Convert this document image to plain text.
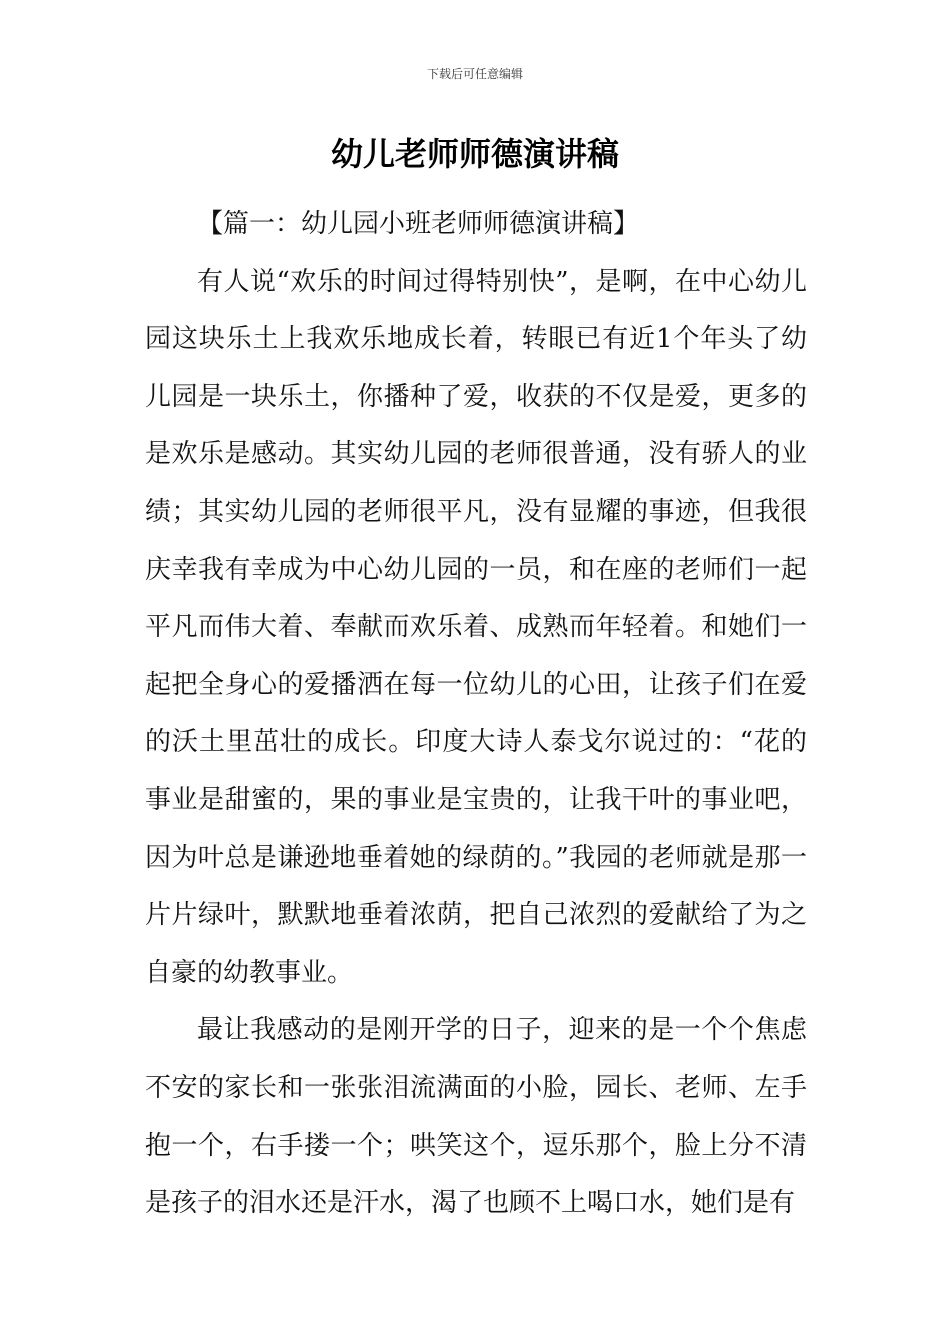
下载后可任意编辑
幼儿老师师德演讲稿

【篇一：幼儿园小班老师师德演讲稿】

有人说“欢乐的时间过得特别快”，是啊，在中心幼儿园这块乐土上我欢乐地成长着，转眼已有近1个年头了幼儿园是一块乐土，你播种了爱，收获的不仅是爱，更多的是欢乐是感动。其实幼儿园的老师很普通，没有骄人的业绩；其实幼儿园的老师很平凡，没有显耀的事迹，但我很庆幸我有幸成为中心幼儿园的一员，和在座的老师们一起平凡而伟大着、奉献而欢乐着、成熟而年轻着。和她们一起把全身心的爱播洒在每一位幼儿的心田，让孩子们在爱的沃土里茁壮的成长。印度大诗人泰戈尔说过的：“花的事业是甜蜜的，果的事业是宝贵的，让我干叶的事业吧，因为叶总是谦逊地垂着她的绿荫的。”我园的老师就是那一片片绿叶，默默地垂着浓荫，把自己浓烈的爱献给了为之自豪的幼教事业。

最让我感动的是刚开学的日子，迎来的是一个个焦虑不安的家长和一张张泪流满面的小脸，园长、老师、左手抱一个，右手搂一个；哄笑这个，逗乐那个，脸上分不清是孩子的泪水还是汗水，渴了也顾不上喝口水，她们是有
